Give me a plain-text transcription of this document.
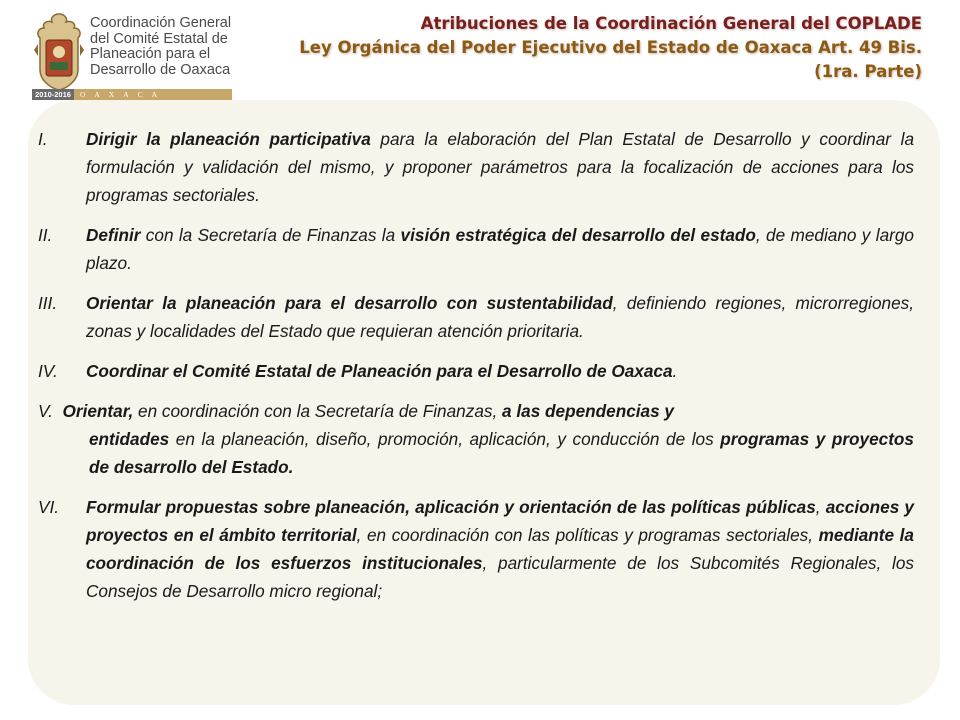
Coordinación General
del Comité Estatal de
Planeación para el
Desarrollo de Oaxaca
2010-2016	OAXACA
Atribuciones de la Coordinación General del COPLADE
Ley Orgánica del Poder Ejecutivo del Estado de Oaxaca Art. 49 Bis.
(1ra. Parte)
I. Dirigir la planeación participativa para la elaboración del Plan Estatal de Desarrollo y coordinar la formulación y validación del mismo, y proponer parámetros para la focalización de acciones para los programas sectoriales.
II. Definir con la Secretaría de Finanzas la visión estratégica del desarrollo del estado, de mediano y largo plazo.
III. Orientar la planeación para el desarrollo con sustentabilidad, definiendo regiones, microrregiones, zonas y localidades del Estado que requieran atención prioritaria.
IV. Coordinar el Comité Estatal de Planeación para el Desarrollo de Oaxaca.
V. Orientar, en coordinación con la Secretaría de Finanzas, a las dependencias y
entidades en la planeación, diseño, promoción, aplicación, y conducción de los programas y proyectos de desarrollo del Estado.
VI. Formular propuestas sobre planeación, aplicación y orientación de las políticas públicas, acciones y proyectos en el ámbito territorial, en coordinación con las políticas y programas sectoriales, mediante la coordinación de los esfuerzos institucionales, particularmente de los Subcomités Regionales, los Consejos de Desarrollo micro regional;
